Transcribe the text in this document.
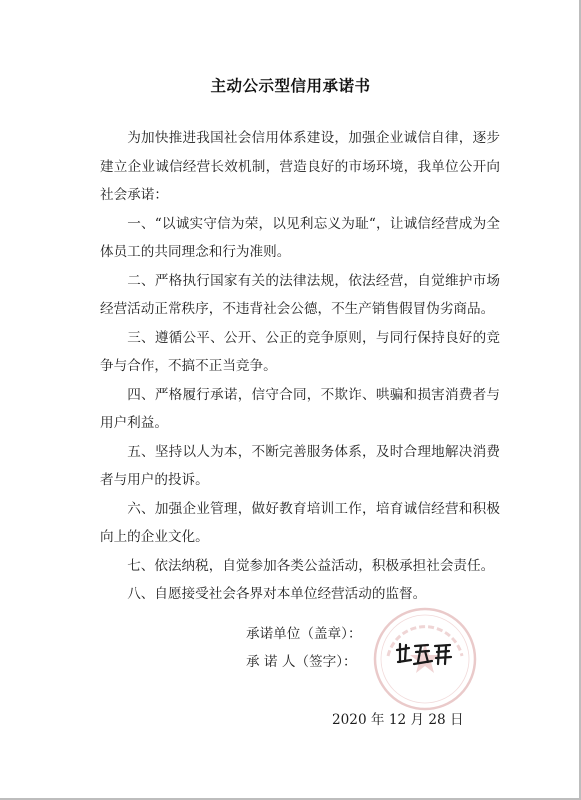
主动公示型信用承诺书

为加快推进我国社会信用体系建设，加强企业诚信自律，逐步建立企业诚信经营长效机制，营造良好的市场环境，我单位公开向社会承诺：

一、“以诚实守信为荣，以见利忘义为耻“，让诚信经营成为全体员工的共同理念和行为准则。

二、严格执行国家有关的法律法规，依法经营，自觉维护市场经营活动正常秩序，不违背社会公德，不生产销售假冒伪劣商品。

三、遵循公平、公开、公正的竞争原则，与同行保持良好的竞争与合作，不搞不正当竞争。

四、严格履行承诺，信守合同，不欺诈、哄骗和损害消费者与用户利益。

五、坚持以人为本，不断完善服务体系，及时合理地解决消费者与用户的投诉。

六、加强企业管理，做好教育培训工作，培育诚信经营和积极向上的企业文化。

七、依法纳税，自觉参加各类公益活动，积极承担社会责任。

八、自愿接受社会各界对本单位经营活动的监督。

承诺单位（盖章）：
承 诺 人（签字）：
2020 年 12 月 28 日
